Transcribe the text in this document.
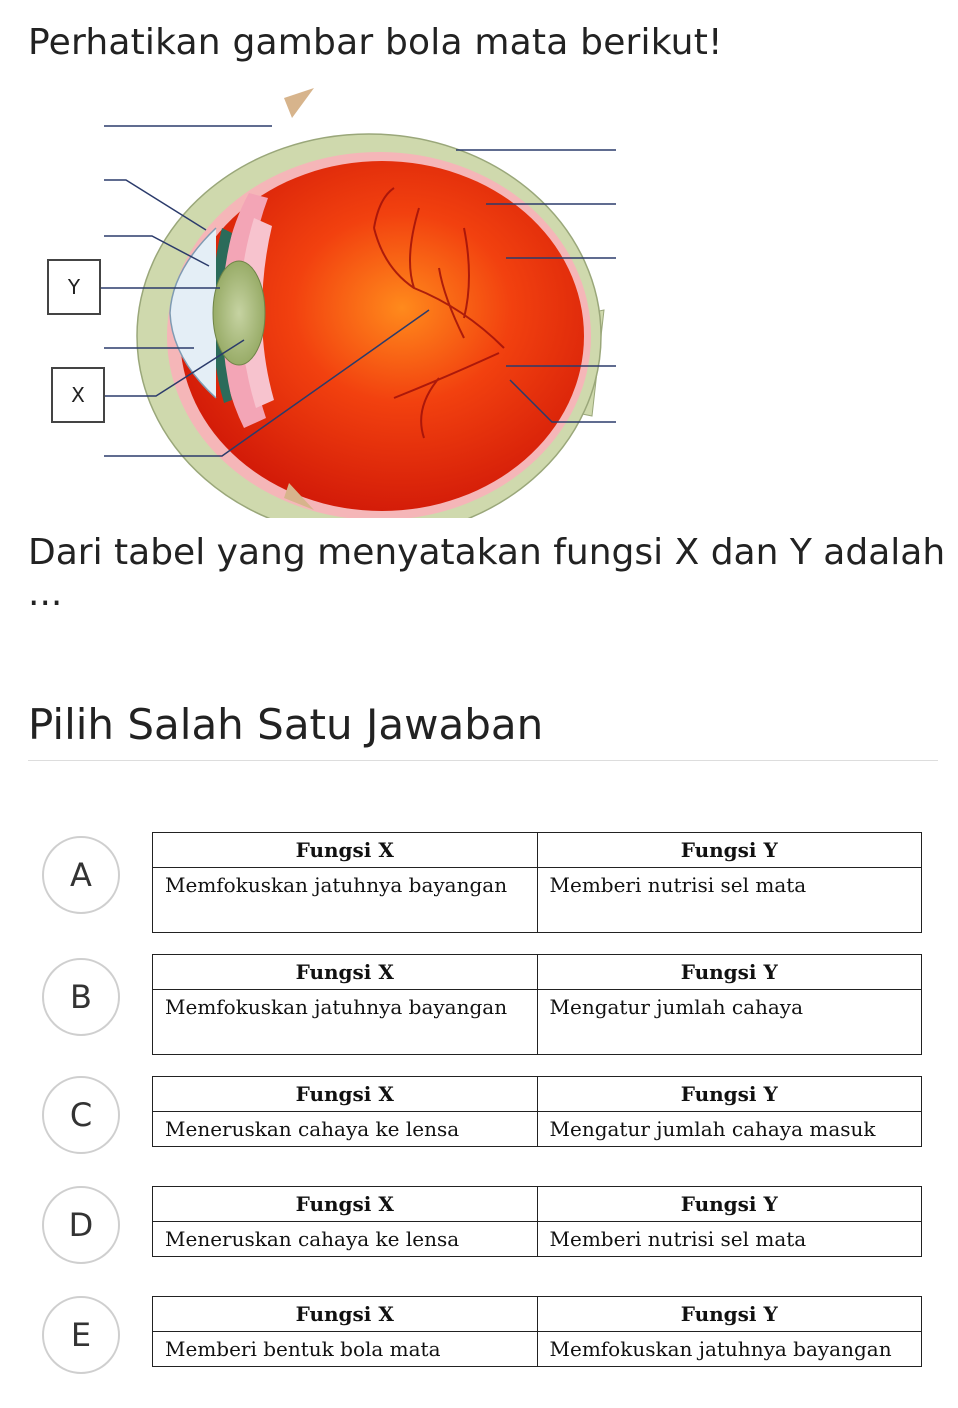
Perhatikan gambar bola mata berikut!
Y
X
Dari tabel yang menyatakan fungsi X dan Y adalah ...
Pilih Salah Satu Jawaban
A
Fungsi X	Fungsi Y
Memfokuskan jatuhnya bayangan	Memberi nutrisi sel mata
B
Fungsi X	Fungsi Y
Memfokuskan jatuhnya bayangan	Mengatur jumlah cahaya
C
Fungsi X	Fungsi Y
Meneruskan cahaya ke lensa	Mengatur jumlah cahaya masuk
D
Fungsi X	Fungsi Y
Meneruskan cahaya ke lensa	Memberi nutrisi sel mata
E
Fungsi X	Fungsi Y
Memberi bentuk bola mata	Memfokuskan jatuhnya bayangan
